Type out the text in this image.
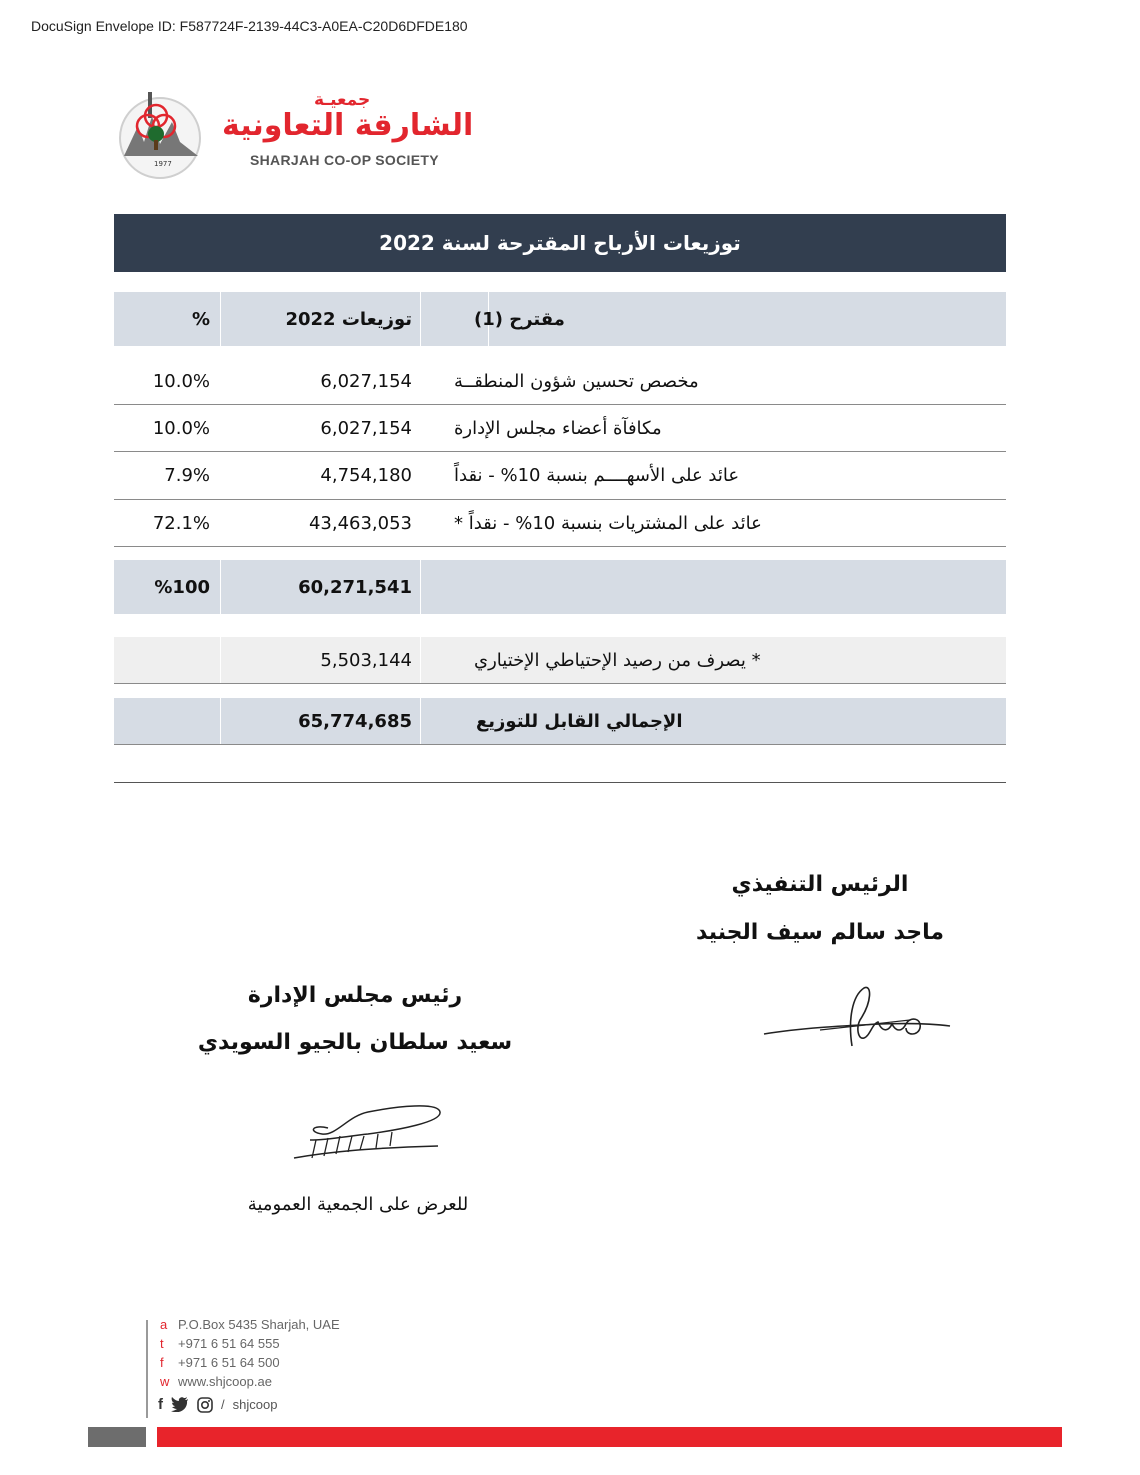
DocuSign Envelope ID: F587724F-2139-44C3-A0EA-C20D6DFDE180
1977
جمعيـة
الشارقة التعاونية
SHARJAH CO-OP SOCIETY
توزيعات الأرباح المقترحة لسنة 2022
%	توزيعات 2022	مقترح (1)
10.0%	6,027,154 مخصص تحسين شؤون المنطقــة
10.0%	6,027,154 مكافآة أعضاء مجلس الإدارة
7.9%	4,754,180 عائد على الأسهــــم بنسبة 10% - نقداً
72.1%	43,463,053 عائد على المشتريات بنسبة 10% - نقداً *
%100	60,271,541
5,503,144	* يصرف من رصيد الإحتياطي الإختياري
65,774,685	الإجمالي القابل للتوزيع
الرئيس التنفيذي
ماجد سالم سيف الجنيد
رئيس مجلس الإدارة
سعيد سلطان بالجيو السويدي
للعرض على الجمعية العمومية
a P.O.Box 5435 Sharjah, UAE
t +971 6 51 64 555
f +971 6 51 64 500
w www.shjcoop.ae
f	/ shjcoop
